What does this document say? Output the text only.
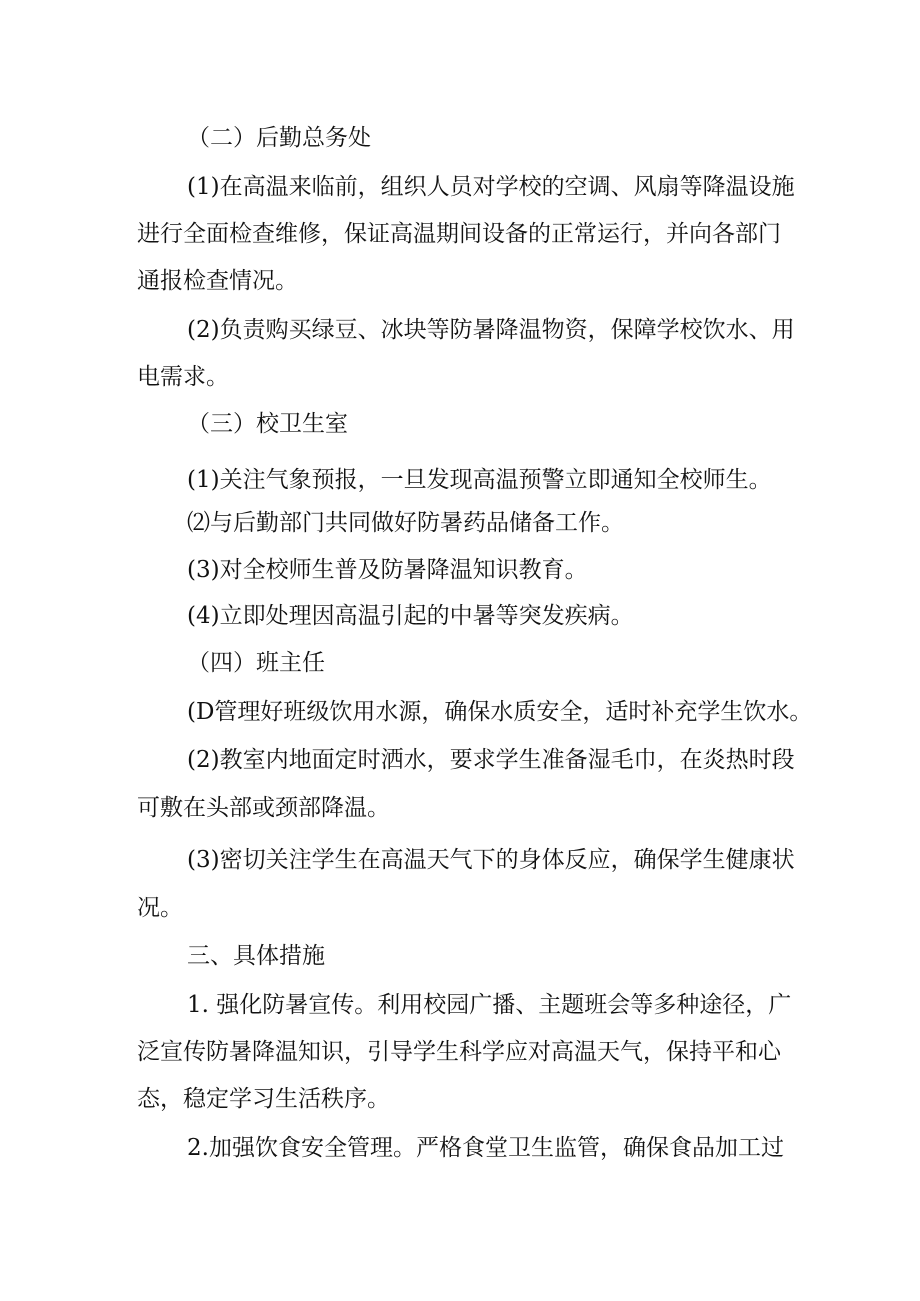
（二）后勤总务处

(1)在高温来临前，组织人员对学校的空调、风扇等降温设施

进行全面检查维修，保证高温期间设备的正常运行，并向各部门

通报检查情况。

(2)负责购买绿豆、冰块等防暑降温物资，保障学校饮水、用

电需求。

（三）校卫生室

(1)关注气象预报，一旦发现高温预警立即通知全校师生。

⑵与后勤部门共同做好防暑药品储备工作。

(3)对全校师生普及防暑降温知识教育。

(4)立即处理因高温引起的中暑等突发疾病。

（四）班主任

(D管理好班级饮用水源，确保水质安全，适时补充学生饮水。

(2)教室内地面定时洒水，要求学生准备湿毛巾，在炎热时段

可敷在头部或颈部降温。

(3)密切关注学生在高温天气下的身体反应，确保学生健康状

况。

三、具体措施

1. 强化防暑宣传。利用校园广播、主题班会等多种途径，广

泛宣传防暑降温知识，引导学生科学应对高温天气，保持平和心

态，稳定学习生活秩序。

2.加强饮食安全管理。严格食堂卫生监管，确保食品加工过
